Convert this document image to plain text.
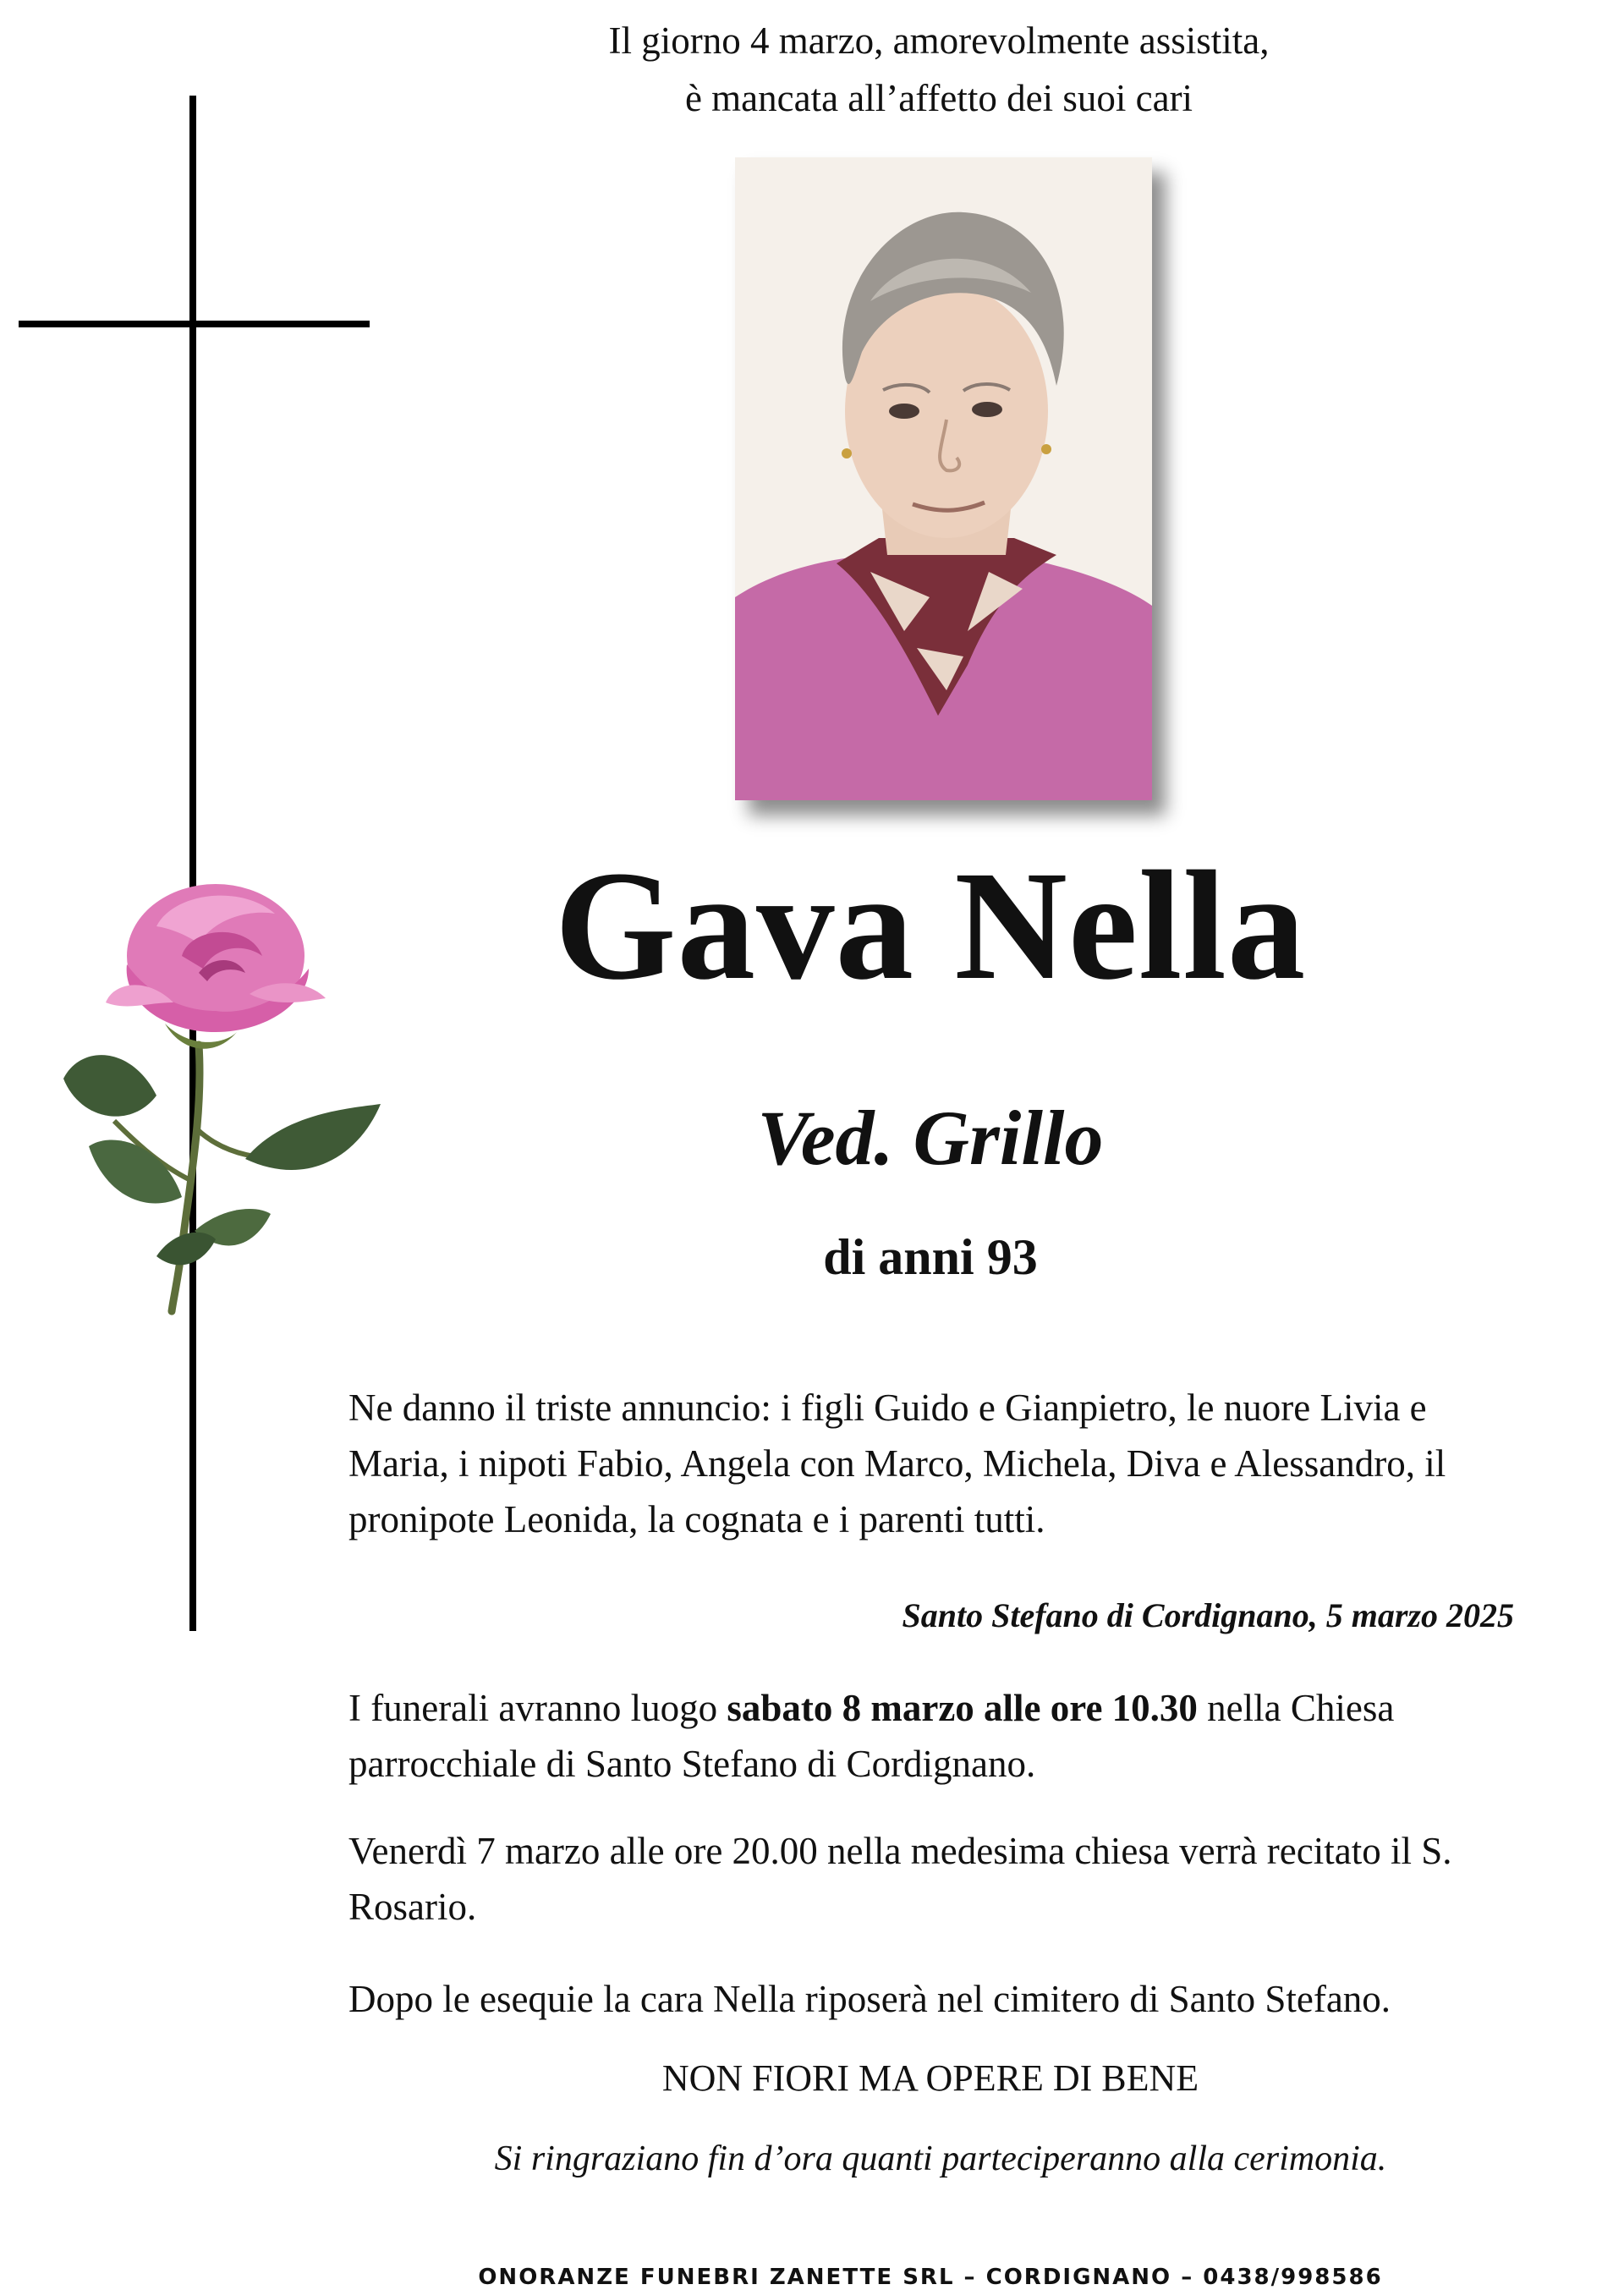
Il giorno 4 marzo, amorevolmente assistita,
è mancata all’affetto dei suoi cari
Gava Nella
Ved. Grillo
di anni 93
Ne danno il triste annuncio: i figli Guido e Gianpietro, le nuore Livia e Maria, i nipoti Fabio, Angela con Marco, Michela, Diva e Alessandro, il pronipote Leonida, la cognata e i parenti tutti.
Santo Stefano di Cordignano, 5 marzo 2025
I funerali avranno luogo sabato 8 marzo alle ore 10.30 nella Chiesa parrocchiale di Santo Stefano di Cordignano.
Venerdì 7 marzo alle ore 20.00 nella medesima chiesa verrà recitato il S. Rosario.
Dopo le esequie la cara Nella riposerà nel cimitero di Santo Stefano.
NON FIORI MA OPERE DI BENE
Si ringraziano fin d’ora quanti parteciperanno alla cerimonia.
ONORANZE FUNEBRI ZANETTE SRL – CORDIGNANO – 0438/998586
